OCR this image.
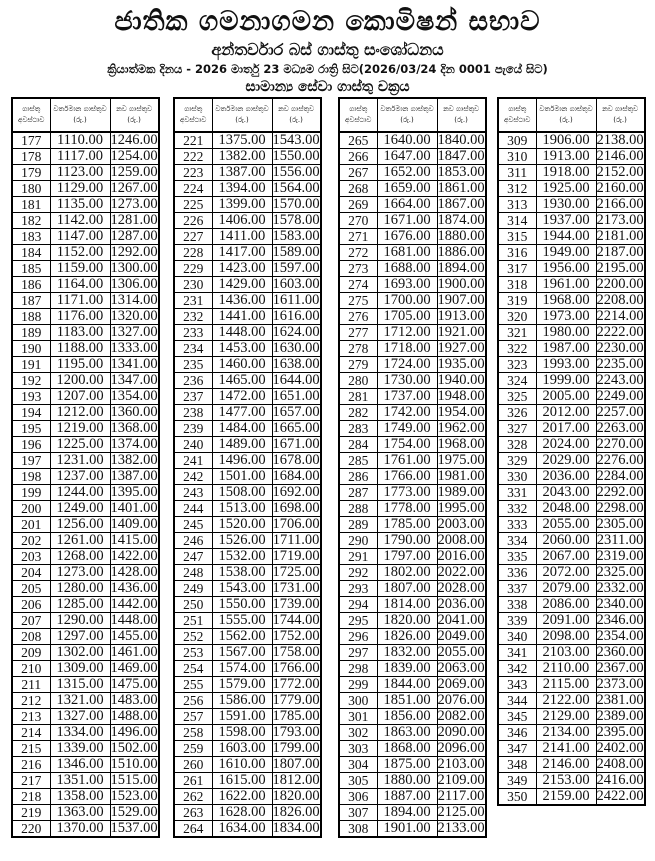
ජාතික ගමනාගමන කොමිෂන් සභාව
අන්තර්වාර බස් ගාස්තු සංශෝධනය
ක්‍රියාත්මක දිනය - 2026 මාර්තු 23 මධ්‍යම රාත්‍රි සිට(2026/03/24 දින 0001 පැයේ සිට)
සාමාන්‍ය සේවා ගාස්තු චක්‍රය
ගාස්තු අවස්ථාව	වර්තමාන ගාස්තුව (රු.)	නව ගාස්තුව (රු.)
177	1110.00	1246.00
178	1117.00	1254.00
179	1123.00	1259.00
180	1129.00	1267.00
181	1135.00	1273.00
182	1142.00	1281.00
183	1147.00	1287.00
184	1152.00	1292.00
185	1159.00	1300.00
186	1164.00	1306.00
187	1171.00	1314.00
188	1176.00	1320.00
189	1183.00	1327.00
190	1188.00	1333.00
191	1195.00	1341.00
192	1200.00	1347.00
193	1207.00	1354.00
194	1212.00	1360.00
195	1219.00	1368.00
196	1225.00	1374.00
197	1231.00	1382.00
198	1237.00	1387.00
199	1244.00	1395.00
200	1249.00	1401.00
201	1256.00	1409.00
202	1261.00	1415.00
203	1268.00	1422.00
204	1273.00	1428.00
205	1280.00	1436.00
206	1285.00	1442.00
207	1290.00	1448.00
208	1297.00	1455.00
209	1302.00	1461.00
210	1309.00	1469.00
211	1315.00	1475.00
212	1321.00	1483.00
213	1327.00	1488.00
214	1334.00	1496.00
215	1339.00	1502.00
216	1346.00	1510.00
217	1351.00	1515.00
218	1358.00	1523.00
219	1363.00	1529.00
220	1370.00	1537.00
ගාස්තු අවස්ථාව	වර්තමාන ගාස්තුව (රු.)	නව ගාස්තුව (රු.)
221	1375.00	1543.00
222	1382.00	1550.00
223	1387.00	1556.00
224	1394.00	1564.00
225	1399.00	1570.00
226	1406.00	1578.00
227	1411.00	1583.00
228	1417.00	1589.00
229	1423.00	1597.00
230	1429.00	1603.00
231	1436.00	1611.00
232	1441.00	1616.00
233	1448.00	1624.00
234	1453.00	1630.00
235	1460.00	1638.00
236	1465.00	1644.00
237	1472.00	1651.00
238	1477.00	1657.00
239	1484.00	1665.00
240	1489.00	1671.00
241	1496.00	1678.00
242	1501.00	1684.00
243	1508.00	1692.00
244	1513.00	1698.00
245	1520.00	1706.00
246	1526.00	1711.00
247	1532.00	1719.00
248	1538.00	1725.00
249	1543.00	1731.00
250	1550.00	1739.00
251	1555.00	1744.00
252	1562.00	1752.00
253	1567.00	1758.00
254	1574.00	1766.00
255	1579.00	1772.00
256	1586.00	1779.00
257	1591.00	1785.00
258	1598.00	1793.00
259	1603.00	1799.00
260	1610.00	1807.00
261	1615.00	1812.00
262	1622.00	1820.00
263	1628.00	1826.00
264	1634.00	1834.00
ගාස්තු අවස්ථාව	වර්තමාන ගාස්තුව (රු.)	නව ගාස්තුව (රු.)
265	1640.00	1840.00
266	1647.00	1847.00
267	1652.00	1853.00
268	1659.00	1861.00
269	1664.00	1867.00
270	1671.00	1874.00
271	1676.00	1880.00
272	1681.00	1886.00
273	1688.00	1894.00
274	1693.00	1900.00
275	1700.00	1907.00
276	1705.00	1913.00
277	1712.00	1921.00
278	1718.00	1927.00
279	1724.00	1935.00
280	1730.00	1940.00
281	1737.00	1948.00
282	1742.00	1954.00
283	1749.00	1962.00
284	1754.00	1968.00
285	1761.00	1975.00
286	1766.00	1981.00
287	1773.00	1989.00
288	1778.00	1995.00
289	1785.00	2003.00
290	1790.00	2008.00
291	1797.00	2016.00
292	1802.00	2022.00
293	1807.00	2028.00
294	1814.00	2036.00
295	1820.00	2041.00
296	1826.00	2049.00
297	1832.00	2055.00
298	1839.00	2063.00
299	1844.00	2069.00
300	1851.00	2076.00
301	1856.00	2082.00
302	1863.00	2090.00
303	1868.00	2096.00
304	1875.00	2103.00
305	1880.00	2109.00
306	1887.00	2117.00
307	1894.00	2125.00
308	1901.00	2133.00
ගාස්තු අවස්ථාව	වර්තමාන ගාස්තුව (රු.)	නව ගාස්තුව (රු.)
309	1906.00	2138.00
310	1913.00	2146.00
311	1918.00	2152.00
312	1925.00	2160.00
313	1930.00	2166.00
314	1937.00	2173.00
315	1944.00	2181.00
316	1949.00	2187.00
317	1956.00	2195.00
318	1961.00	2200.00
319	1968.00	2208.00
320	1973.00	2214.00
321	1980.00	2222.00
322	1987.00	2230.00
323	1993.00	2235.00
324	1999.00	2243.00
325	2005.00	2249.00
326	2012.00	2257.00
327	2017.00	2263.00
328	2024.00	2270.00
329	2029.00	2276.00
330	2036.00	2284.00
331	2043.00	2292.00
332	2048.00	2298.00
333	2055.00	2305.00
334	2060.00	2311.00
335	2067.00	2319.00
336	2072.00	2325.00
337	2079.00	2332.00
338	2086.00	2340.00
339	2091.00	2346.00
340	2098.00	2354.00
341	2103.00	2360.00
342	2110.00	2367.00
343	2115.00	2373.00
344	2122.00	2381.00
345	2129.00	2389.00
346	2134.00	2395.00
347	2141.00	2402.00
348	2146.00	2408.00
349	2153.00	2416.00
350	2159.00	2422.00
